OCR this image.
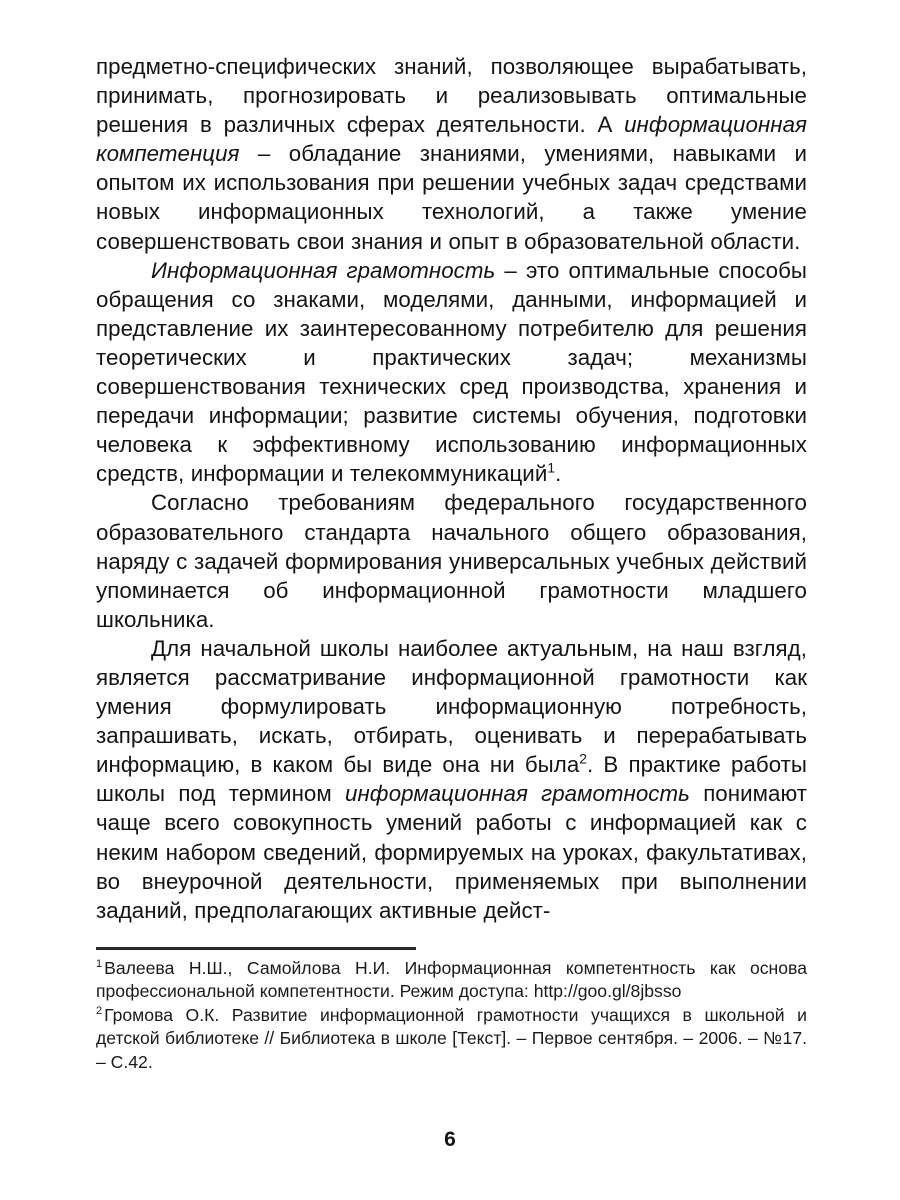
предметно-специфических знаний, позволяющее вырабатывать, принимать, прогнозировать и реализовывать оптимальные решения в различных сферах деятельности. А информационная компетенция – обладание знаниями, умениями, навыками и опытом их использования при решении учебных задач средствами новых информационных технологий, а также умение совершенствовать свои знания и опыт в образовательной области.

Информационная грамотность – это оптимальные способы обращения со знаками, моделями, данными, информацией и представление их заинтересованному потребителю для решения теоретических и практических задач; механизмы совершенствования технических сред производства, хранения и передачи информации; развитие системы обучения, подготовки человека к эффективному использованию информационных средств, информации и телекоммуникаций$^1$.

Согласно требованиям федерального государственного образовательного стандарта начального общего образования, наряду с задачей формирования универсальных учебных действий упоминается об информационной грамотности младшего школьника.

Для начальной школы наиболее актуальным, на наш взгляд, является рассматривание информационной грамотности как умения формулировать информационную потребность, запрашивать, искать, отбирать, оценивать и перерабатывать информацию, в каком бы виде она ни была$^2$. В практике работы школы под термином информационная грамотность понимают чаще всего совокупность умений работы с информацией как с неким набором сведений, формируемых на уроках, факультативах, во внеурочной деятельности, применяемых при выполнении заданий, предполагающих активные дейст-

$^1$ Валеева Н.Ш., Самойлова Н.И. Информационная компетентность как основа профессиональной компетентности. Режим доступа: http://goo.gl/8jbsso

$^2$ Громова О.К. Развитие информационной грамотности учащихся в школьной и детской библиотеке // Библиотека в школе [Текст]. – Первое сентября. – 2006. – №17. – С.42.

6
